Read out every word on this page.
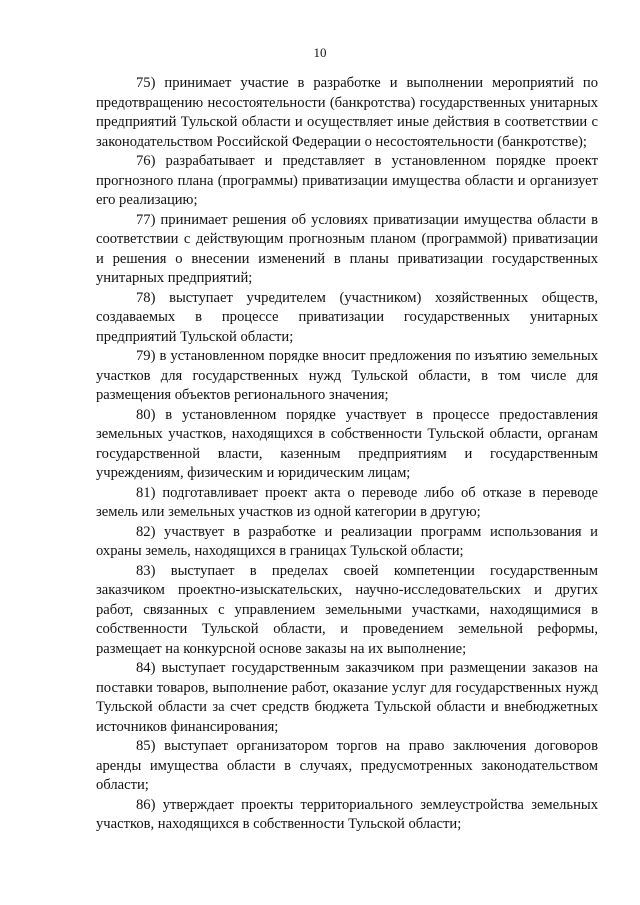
10

75) принимает участие в разработке и выполнении мероприятий по предотвращению несостоятельности (банкротства) государственных унитарных предприятий Тульской области и осуществляет иные действия в соответствии с законодательством Российской Федерации о несостоятельности (банкротстве);

76) разрабатывает и представляет в установленном порядке проект прогнозного плана (программы) приватизации имущества области и организует его реализацию;

77) принимает решения об условиях приватизации имущества области в соответствии с действующим прогнозным планом (программой) приватизации и решения о внесении изменений в планы приватизации государственных унитарных предприятий;

78) выступает учредителем (участником) хозяйственных обществ, создаваемых в процессе приватизации государственных унитарных предприятий Тульской области;

79) в установленном порядке вносит предложения по изъятию земельных участков для государственных нужд Тульской области, в том числе для размещения объектов регионального значения;

80) в установленном порядке участвует в процессе предоставления земельных участков, находящихся в собственности Тульской области, органам государственной власти, казенным предприятиям и государственным учреждениям, физическим и юридическим лицам;

81) подготавливает проект акта о переводе либо об отказе в переводе земель или земельных участков из одной категории в другую;

82) участвует в разработке и реализации программ использования и охраны земель, находящихся в границах Тульской области;

83) выступает в пределах своей компетенции государственным заказчиком проектно-изыскательских, научно-исследовательских и других работ, связанных с управлением земельными участками, находящимися в собственности Тульской области, и проведением земельной реформы, размещает на конкурсной основе заказы на их выполнение;

84) выступает государственным заказчиком при размещении заказов на поставки товаров, выполнение работ, оказание услуг для государственных нужд Тульской области за счет средств бюджета Тульской области и внебюджетных источников финансирования;

85) выступает организатором торгов на право заключения договоров аренды имущества области в случаях, предусмотренных законодательством области;

86) утверждает проекты территориального землеустройства земельных участков, находящихся в собственности Тульской области;
